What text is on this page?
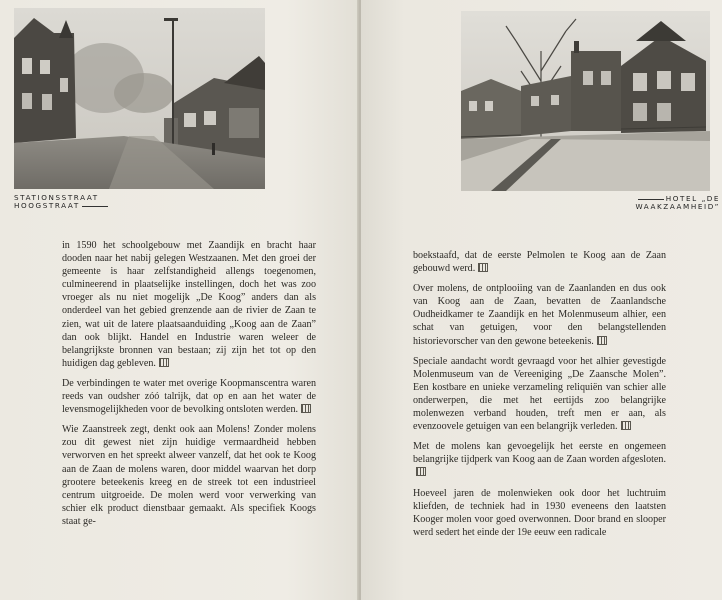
STATIONSSTRAAT
HOOGSTRAAT

in 1590 het schoolgebouw met Zaandijk en bracht haar dooden naar het nabij gelegen Westzaanen. Met den groei der gemeente is haar zelfstandigheid allengs toegenomen, culmineerend in plaatselijke instellingen, doch het was zoo vroeger als nu niet mogelijk „De Koog” anders dan als onderdeel van het gebied grenzende aan de rivier de Zaan te zien, wat uit de latere plaatsaanduiding „Koog aan de Zaan” dan ook blijkt. Handel en Industrie waren weleer de belangrijkste bronnen van bestaan; zij zijn het tot op den huidigen dag gebleven.

De verbindingen te water met overige Koopmanscentra waren reeds van oudsher zóó talrijk, dat op en aan het water de levensmogelijkheden voor de bevolking ontsloten werden.

Wie Zaanstreek zegt, denkt ook aan Molens! Zonder molens zou dit gewest niet zijn huidige vermaardheid hebben verworven en het spreekt alweer vanzelf, dat het ook te Koog aan de Zaan de molens waren, door middel waarvan het dorp grootere beteekenis kreeg en de streek tot een industrieel centrum uitgroeide. De molen werd voor verwerking van schier elk product dienstbaar gemaakt. Als specifiek Koogs staat ge-

HOTEL „DE
WAAKZAAMHEID”

boekstaafd, dat de eerste Pelmolen te Koog aan de Zaan gebouwd werd.

Over molens, de ontplooiing van de Zaanlanden en dus ook van Koog aan de Zaan, bevatten de Zaanlandsche Oudheidkamer te Zaandijk en het Molenmuseum alhier, een schat van getuigen, voor den belangstellenden historievorscher van den gewone beteekenis.

Speciale aandacht wordt gevraagd voor het alhier gevestigde Molenmuseum van de Vereeniging „De Zaansche Molen”. Een kostbare en unieke verzameling reliquiën van schier alle onderwerpen, die met het eertijds zoo belangrijke molenwezen verband houden, treft men er aan, als evenzoovele getuigen van een belangrijk verleden.

Met de molens kan gevoegelijk het eerste en ongemeen belangrijke tijdperk van Koog aan de Zaan worden afgesloten.

Hoeveel jaren de molenwieken ook door het luchtruim kliefden, de techniek had in 1930 eveneens den laatsten Kooger molen voor goed overwonnen. Door brand en slooper werd sedert het einde der 19e eeuw een radicale
